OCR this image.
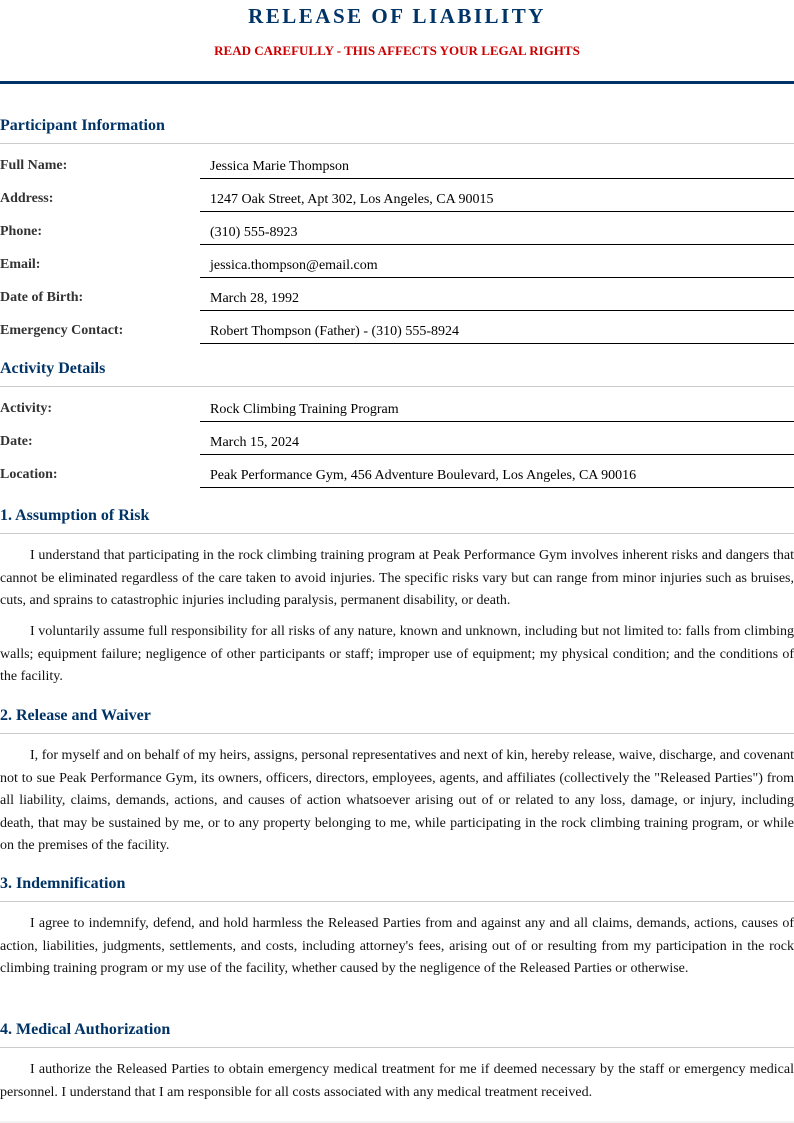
RELEASE OF LIABILITY

READ CAREFULLY - THIS AFFECTS YOUR LEGAL RIGHTS

Participant Information
Full Name:	Jessica Marie Thompson
Address:	1247 Oak Street, Apt 302, Los Angeles, CA 90015
Phone:	(310) 555-8923
Email:	jessica.thompson@email.com
Date of Birth:	March 28, 1992
Emergency Contact:	Robert Thompson (Father) - (310) 555-8924
Activity Details
Activity:	Rock Climbing Training Program
Date:	March 15, 2024
Location:	Peak Performance Gym, 456 Adventure Boulevard, Los Angeles, CA 90016
1. Assumption of Risk

I understand that participating in the rock climbing training program at Peak Performance Gym involves inherent risks and dangers that cannot be eliminated regardless of the care taken to avoid injuries. The specific risks vary but can range from minor injuries such as bruises, cuts, and sprains to catastrophic injuries including paralysis, permanent disability, or death.

I voluntarily assume full responsibility for all risks of any nature, known and unknown, including but not limited to: falls from climbing walls; equipment failure; negligence of other participants or staff; improper use of equipment; my physical condition; and the conditions of the facility.

2. Release and Waiver

I, for myself and on behalf of my heirs, assigns, personal representatives and next of kin, hereby release, waive, discharge, and covenant not to sue Peak Performance Gym, its owners, officers, directors, employees, agents, and affiliates (collectively the "Released Parties") from all liability, claims, demands, actions, and causes of action whatsoever arising out of or related to any loss, damage, or injury, including death, that may be sustained by me, or to any property belonging to me, while participating in the rock climbing training program, or while on the premises of the facility.

3. Indemnification

I agree to indemnify, defend, and hold harmless the Released Parties from and against any and all claims, demands, actions, causes of action, liabilities, judgments, settlements, and costs, including attorney's fees, arising out of or resulting from my participation in the rock climbing training program or my use of the facility, whether caused by the negligence of the Released Parties or otherwise.

4. Medical Authorization

I authorize the Released Parties to obtain emergency medical treatment for me if deemed necessary by the staff or emergency medical personnel. I understand that I am responsible for all costs associated with any medical treatment received.
